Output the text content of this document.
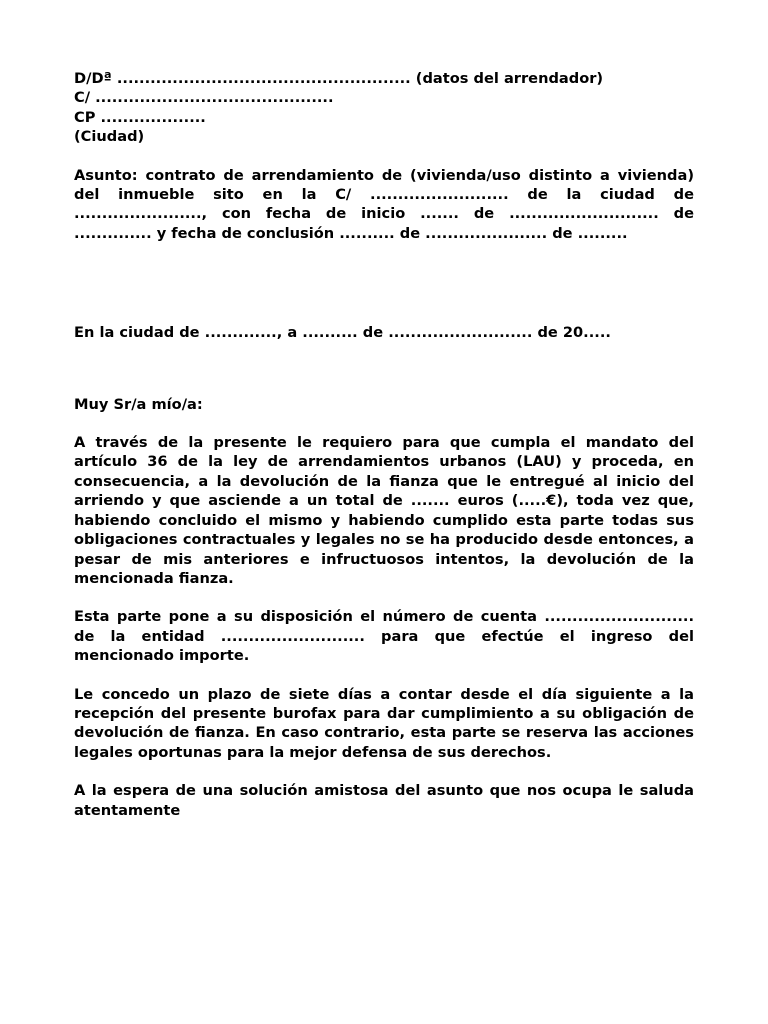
D/Dª ..................................................... (datos del arrendador)
C/ ...........................................
CP ...................
(Ciudad)

Asunto: contrato de arrendamiento de (vivienda/uso distinto a vivienda) del inmueble sito en la C/ ......................... de la ciudad de ......................., con fecha de inicio ....... de ........................... de .............. y fecha de conclusión .......... de ...................... de .........

En la ciudad de ............., a .......... de .......................... de 20.....

Muy Sr/a mío/a:

A través de la presente le requiero para que cumpla el mandato del artículo 36 de la ley de arrendamientos urbanos (LAU) y proceda, en consecuencia, a la devolución de la fianza que le entregué al inicio del arriendo y que asciende a un total de ....... euros (.....€), toda vez que, habiendo concluido el mismo y habiendo cumplido esta parte todas sus obligaciones contractuales y legales no se ha producido desde entonces, a pesar de mis anteriores e infructuosos intentos, la devolución de la mencionada fianza.

Esta parte pone a su disposición el número de cuenta ........................... de la entidad .......................... para que efectúe el ingreso del mencionado importe.

Le concedo un plazo de siete días a contar desde el día siguiente a la recepción del presente burofax para dar cumplimiento a su obligación de devolución de fianza. En caso contrario, esta parte se reserva las acciones legales oportunas para la mejor defensa de sus derechos.

A la espera de una solución amistosa del asunto que nos ocupa le saluda atentamente
